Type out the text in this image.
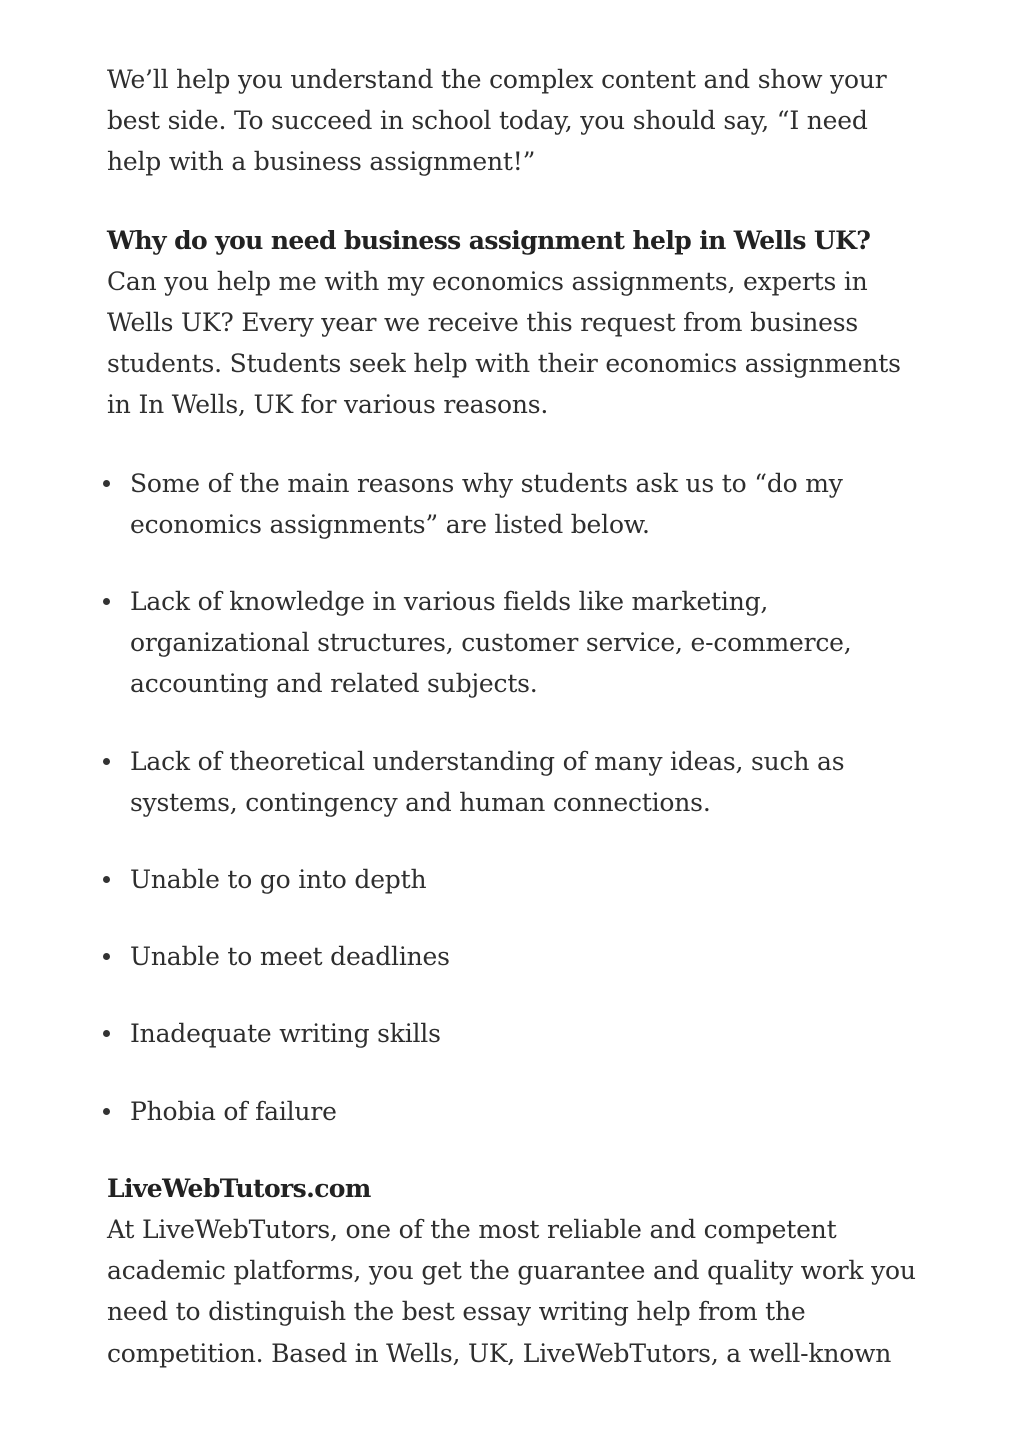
We’ll help you understand the complex content and show your best side. To succeed in school today, you should say, “I need help with a business assignment!”

Why do you need business assignment help in Wells UK?

Can you help me with my economics assignments, experts in Wells UK? Every year we receive this request from business students. Students seek help with their economics assignments in In Wells, UK for various reasons.

Some of the main reasons why students ask us to “do my economics assignments” are listed below.
Lack of knowledge in various fields like marketing, organizational structures, customer service, e-commerce, accounting and related subjects.
Lack of theoretical understanding of many ideas, such as systems, contingency and human connections.
Unable to go into depth
Unable to meet deadlines
Inadequate writing skills
Phobia of failure

LiveWebTutors.com

At LiveWebTutors, one of the most reliable and competent academic platforms, you get the guarantee and quality work you need to distinguish the best essay writing help from the competition. Based in Wells, UK, LiveWebTutors, a well-known
